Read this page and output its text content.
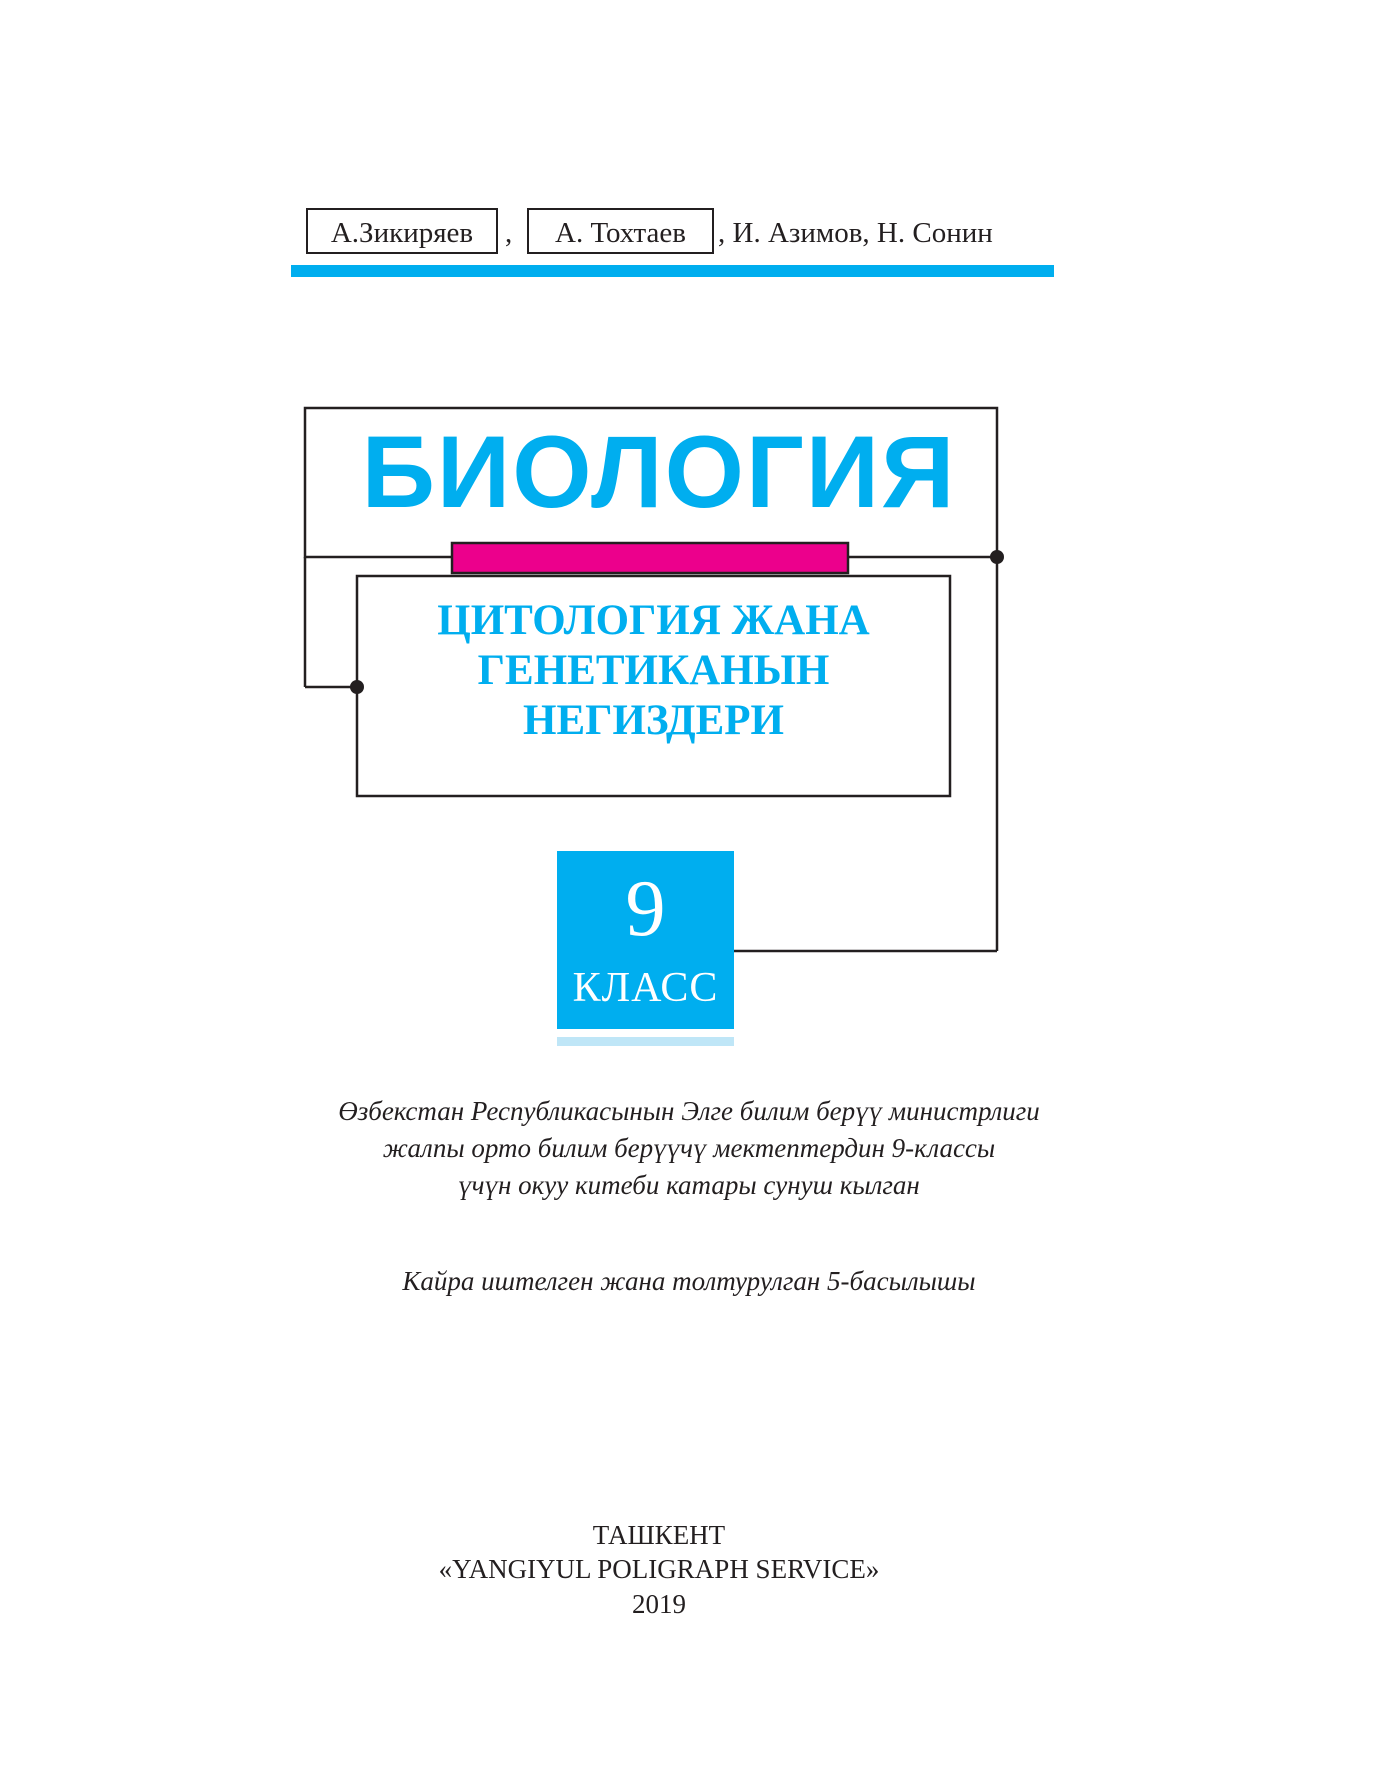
А.Зикиряев	,	А. Тохтаев	, И. Азимов, Н. Сонин
БИОЛОГИЯ
ЦИТОЛОГИЯ ЖАНА
ГЕНЕТИКАНЫН
НЕГИЗДЕРИ
9
КЛАСС
Өзбекстан Республикасынын Элге билим берүү министрлиги
жалпы орто билим берүүчү мектептердин 9-классы
үчүн окуу китеби катары сунуш кылган
Кайра иштелген жана толтурулган 5-басылышы
ТАШКЕНТ
«YANGIYUL POLIGRAPH SERVICE»
2019
